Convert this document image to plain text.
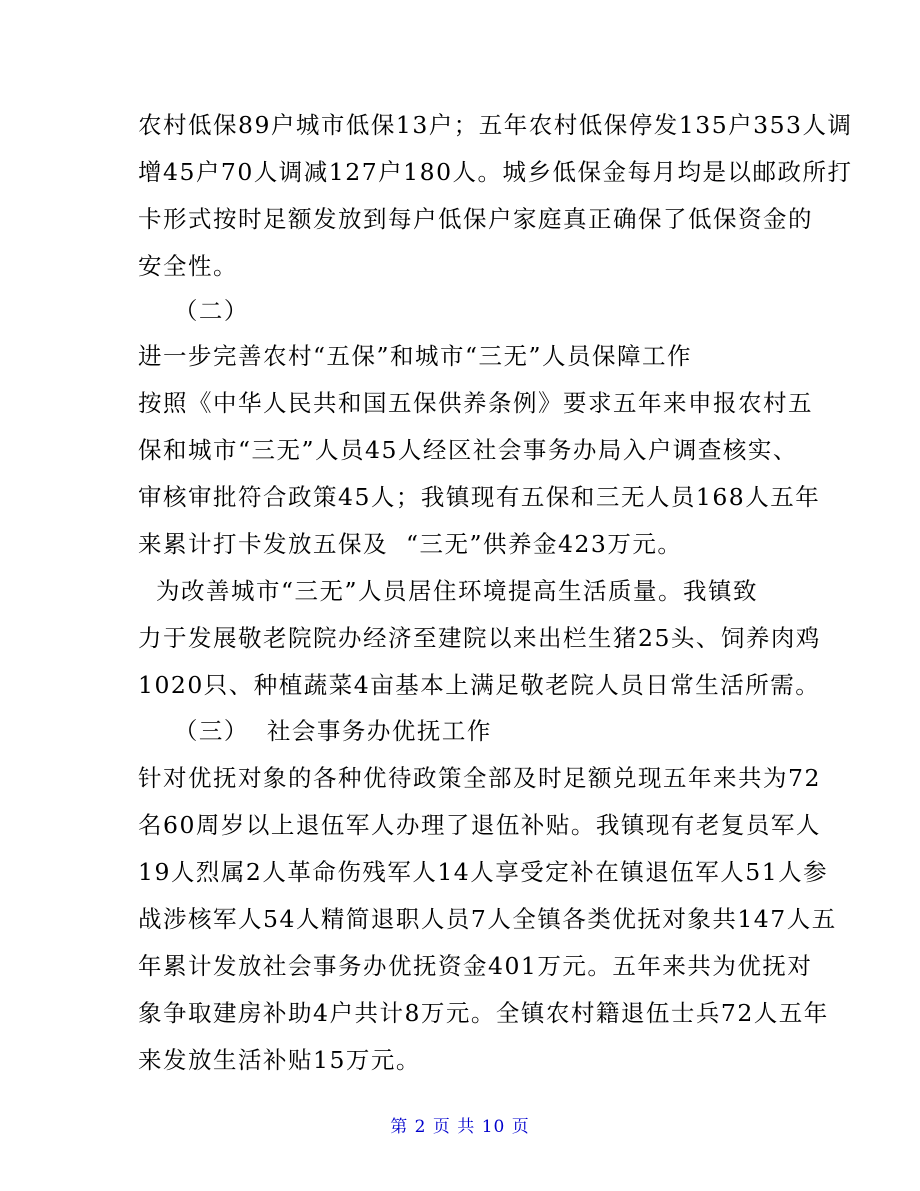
农村低保89户城市低保13户；五年农村低保停发135户353人调
增45户70人调减127户180人。城乡低保金每月均是以邮政所打
卡形式按时足额发放到每户低保户家庭真正确保了低保资金的
安全性。
（二）
进一步完善农村“五保”和城市“三无”人员保障工作
按照《中华人民共和国五保供养条例》要求五年来申报农村五
保和城市“三无”人员45人经区社会事务办局入户调查核实、
审核审批符合政策45人；我镇现有五保和三无人员168人五年
来累计打卡发放五保及  “三无”供养金423万元。
为改善城市“三无”人员居住环境提高生活质量。我镇致
力于发展敬老院院办经济至建院以来出栏生猪25头、饲养肉鸡
1020只、种植蔬菜4亩基本上满足敬老院人员日常生活所需。
（三）  社会事务办优抚工作
针对优抚对象的各种优待政策全部及时足额兑现五年来共为72
名60周岁以上退伍军人办理了退伍补贴。我镇现有老复员军人
19人烈属2人革命伤残军人14人享受定补在镇退伍军人51人参
战涉核军人54人精简退职人员7人全镇各类优抚对象共147人五
年累计发放社会事务办优抚资金401万元。五年来共为优抚对
象争取建房补助4户共计8万元。全镇农村籍退伍士兵72人五年
来发放生活补贴15万元。
第 2 页 共 10 页
